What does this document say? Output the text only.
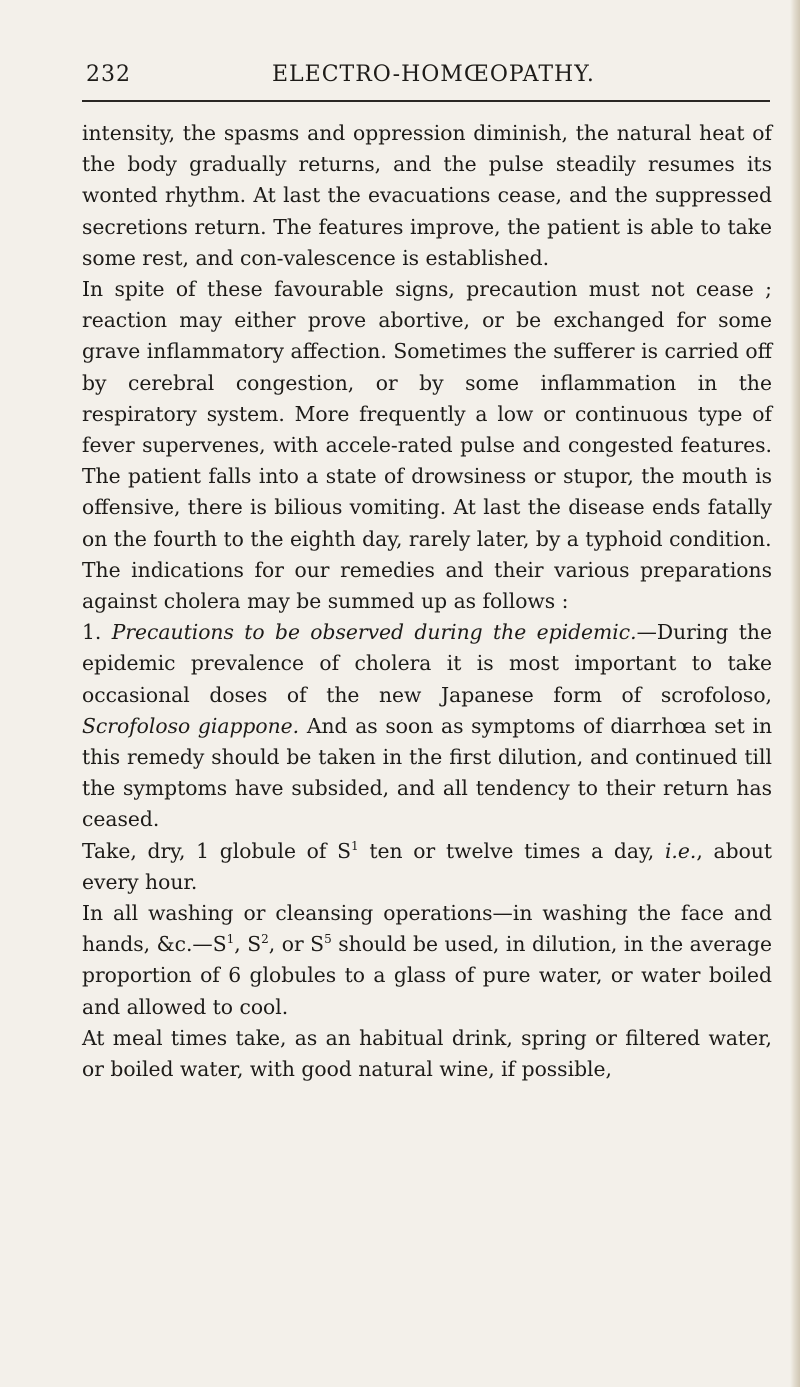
232	ELECTRO-HOMŒOPATHY.

intensity, the spasms and oppression diminish, the natural heat of the body gradually returns, and the pulse steadily resumes its wonted rhythm. At last the evacuations cease, and the suppressed secretions return. The features improve, the patient is able to take some rest, and con-valescence is established.

In spite of these favourable signs, precaution must not cease ; reaction may either prove abortive, or be exchanged for some grave inflammatory affection. Sometimes the sufferer is carried off by cerebral congestion, or by some inflammation in the respiratory system. More frequently a low or continuous type of fever supervenes, with accele-rated pulse and congested features. The patient falls into a state of drowsiness or stupor, the mouth is offensive, there is bilious vomiting. At last the disease ends fatally on the fourth to the eighth day, rarely later, by a typhoid condition.

The indications for our remedies and their various preparations against cholera may be summed up as follows :

1. Precautions to be observed during the epidemic.—During the epidemic prevalence of cholera it is most important to take occasional doses of the new Japanese form of scrofoloso, Scrofoloso giappone. And as soon as symptoms of diarrhœa set in this remedy should be taken in the first dilution, and continued till the symptoms have subsided, and all tendency to their return has ceased.

Take, dry, 1 globule of $S^1$ ten or twelve times a day, i.e., about every hour.

In all washing or cleansing operations—in washing the face and hands, $\&c.—S^1$, $S^2$, or $S^5$ should be used, in dilution, in the average proportion of 6 globules to a glass of pure water, or water boiled and allowed to cool.

At meal times take, as an habitual drink, spring or filtered water, or boiled water, with good natural wine, if possible,
